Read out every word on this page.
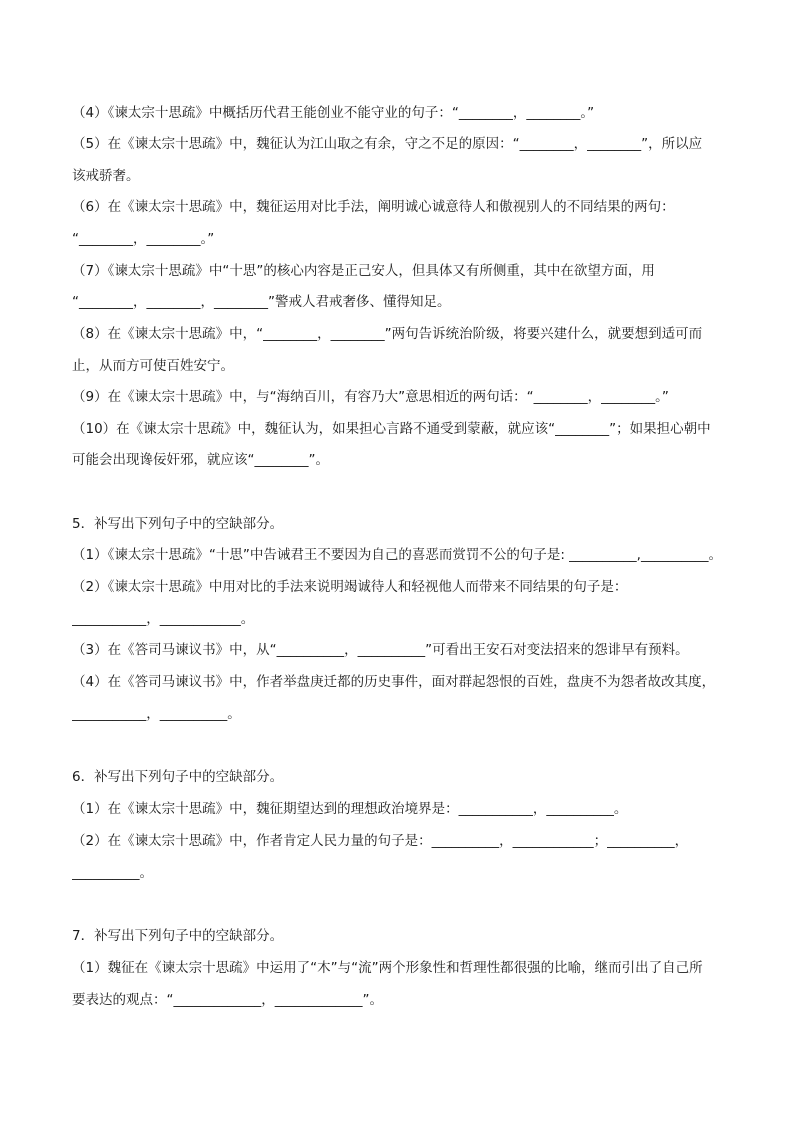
（4）《谏太宗十思疏》中概括历代君王能创业不能守业的句子：“________，________。”
（5）在《谏太宗十思疏》中，魏征认为江山取之有余，守之不足的原因：“________，________”，所以应
该戒骄奢。
（6）在《谏太宗十思疏》中，魏征运用对比手法，阐明诚心诚意待人和傲视别人的不同结果的两句：
“________，________。”
（7）《谏太宗十思疏》中“十思”的核心内容是正己安人，但具体又有所侧重，其中在欲望方面，用
“________，________，________”警戒人君戒奢侈、懂得知足。
（8）在《谏太宗十思疏》中，“________，________”两句告诉统治阶级，将要兴建什么，就要想到适可而
止，从而方可使百姓安宁。
（9）在《谏太宗十思疏》中，与“海纳百川，有容乃大”意思相近的两句话：“________，________。”
（10）在《谏太宗十思疏》中，魏征认为，如果担心言路不通受到蒙蔽，就应该“________”；如果担心朝中
可能会出现谗佞奸邪，就应该“________”。
5．补写出下列句子中的空缺部分。
（1）《谏太宗十思疏》“十思”中告诫君王不要因为自己的喜恶而赏罚不公的句子是: __________,__________。
（2）《谏太宗十思疏》中用对比的手法来说明竭诚待人和轻视他人而带来不同结果的句子是：
___________，____________。
（3）在《答司马谏议书》中，从“__________，__________”可看出王安石对变法招来的怨诽早有预料。
（4）在《答司马谏议书》中，作者举盘庚迁都的历史事件，面对群起怨恨的百姓，盘庚不为怨者故改其度，
___________，__________。
6．补写出下列句子中的空缺部分。
（1）在《谏太宗十思疏》中，魏征期望达到的理想政治境界是：___________，__________。
（2）在《谏太宗十思疏》中，作者肯定人民力量的句子是：__________，____________；__________，
__________。
7．补写出下列句子中的空缺部分。
（1）魏征在《谏太宗十思疏》中运用了“木”与“流”两个形象性和哲理性都很强的比喻，继而引出了自己所
要表达的观点：“_____________，_____________”。
